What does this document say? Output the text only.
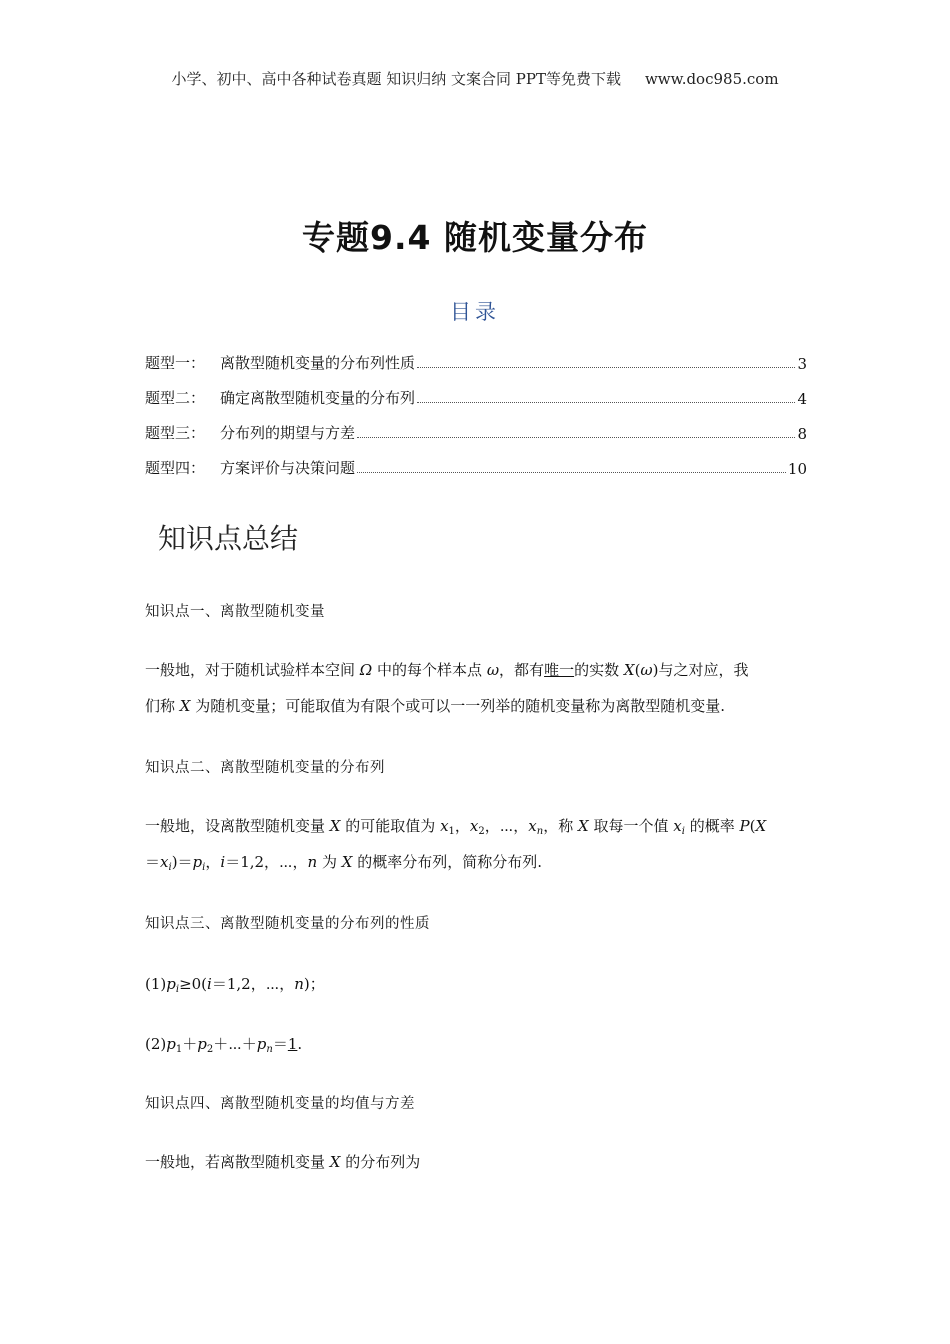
小学、初中、高中各种试卷真题 知识归纳 文案合同 PPT等免费下载 www.doc985.com
专题9.4 随机变量分布
目录
题型一： 离散型随机变量的分布列性质	3
题型二： 确定离散型随机变量的分布列	4
题型三： 分布列的期望与方差	8
题型四： 方案评价与决策问题	10
知识点总结
知识点一、离散型随机变量
一般地，对于随机试验样本空间 Ω 中的每个样本点 ω，都有唯一的实数 X(ω)与之对应，我
们称 X 为随机变量；可能取值为有限个或可以一一列举的随机变量称为离散型随机变量.
知识点二、离散型随机变量的分布列
一般地，设离散型随机变量 X 的可能取值为 $x_1$，$x_2$，⋯，$x_n$，称 X 取每一个值 $x_i$ 的概率 P(X
$=x_i)=p_i$，i＝1,2，⋯，n 为 X 的概率分布列，简称分布列.
知识点三、离散型随机变量的分布列的性质
$(1)p_i\ge 0(i=1,2$，⋯，n)；
$(2)p_1+p_2+\cdots+p_n=1$.
知识点四、离散型随机变量的均值与方差
一般地，若离散型随机变量 X 的分布列为
